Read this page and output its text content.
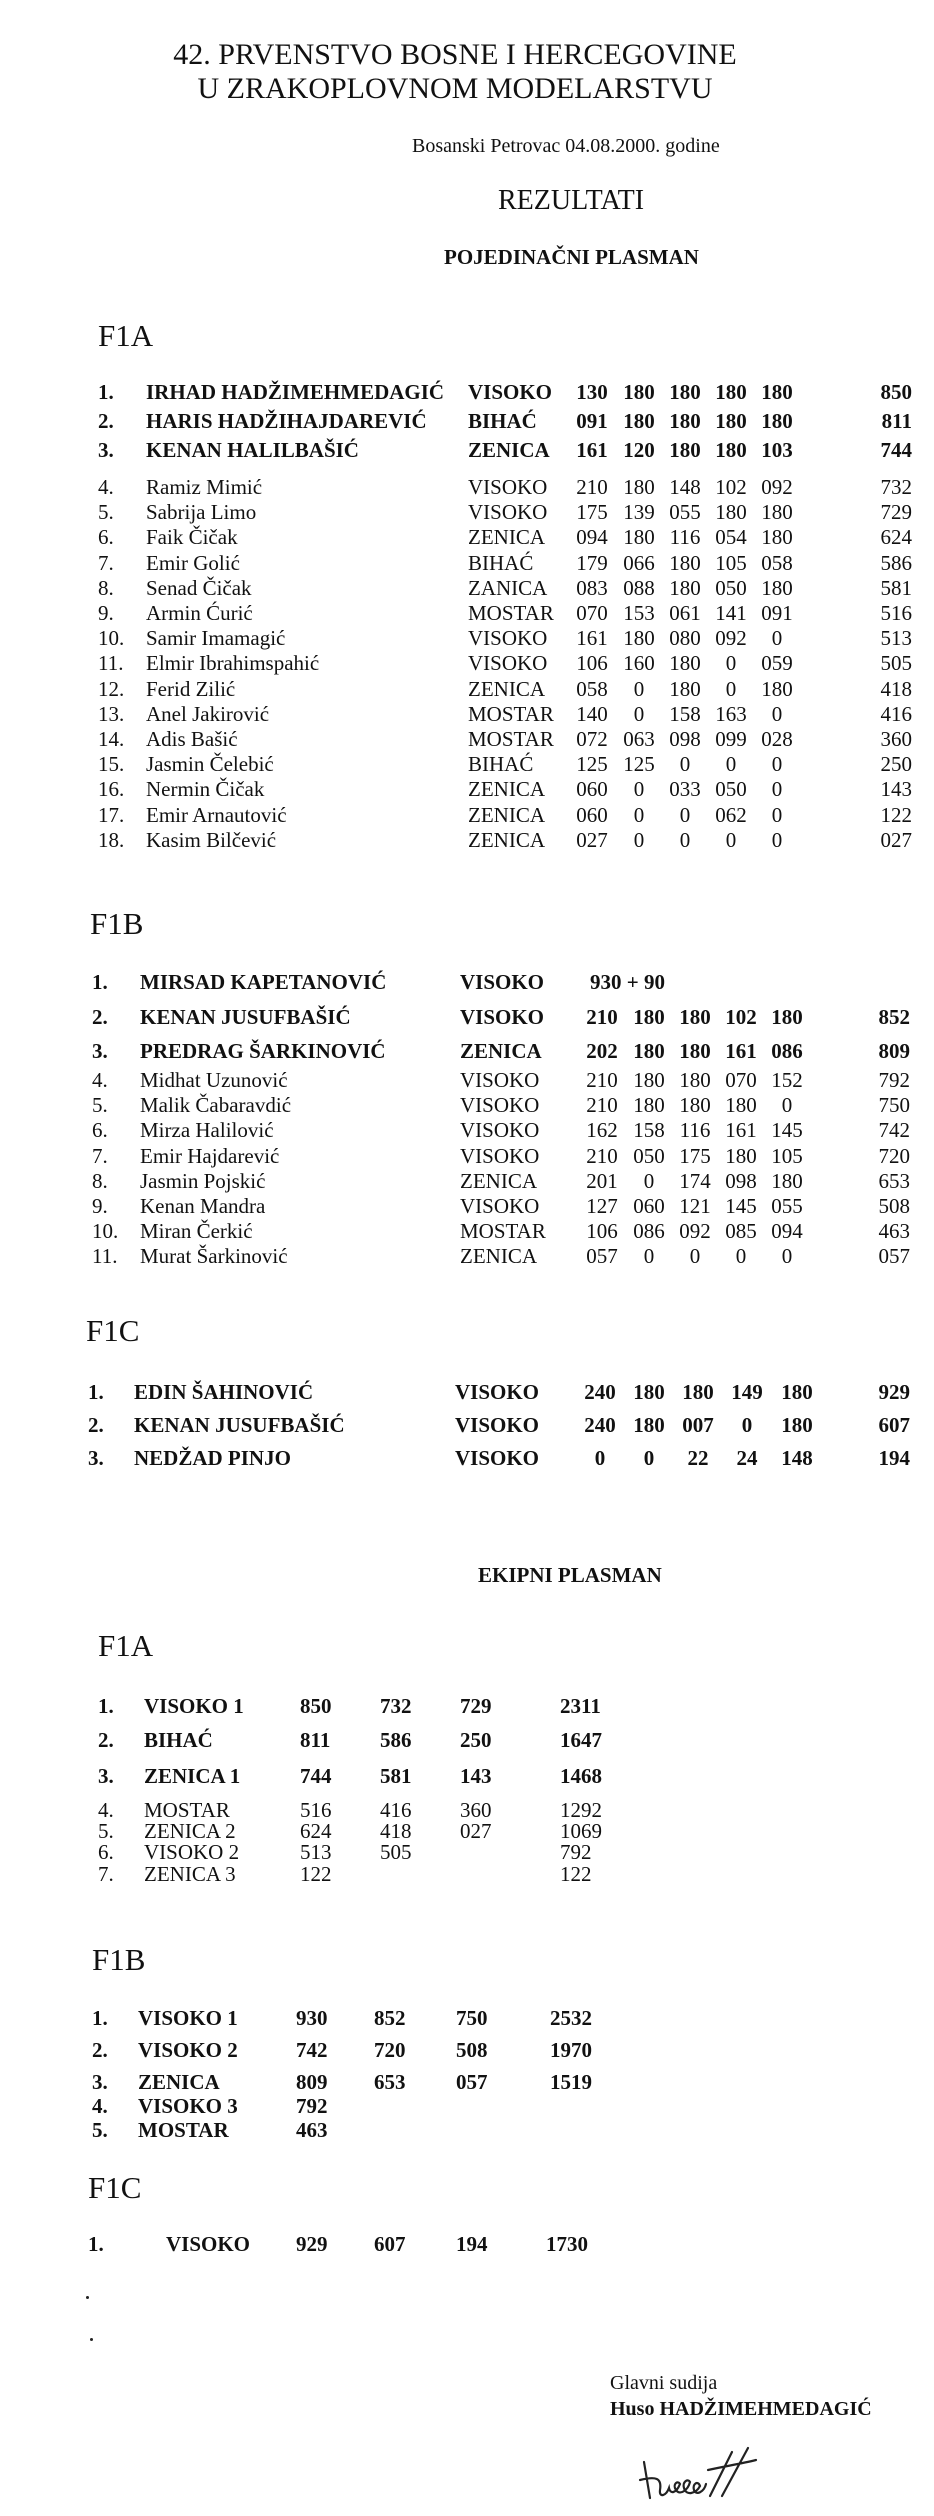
42. PRVENSTVO BOSNE I HERCEGOVINE
U ZRAKOPLOVNOM MODELARSTVU
Bosanski Petrovac 04.08.2000. godine
REZULTATI
POJEDINAČNI PLASMAN
F1A
1. IRHAD HADŽIMEHMEDAGIĆ VISOKO 130 180 180 180 180	850
2. HARIS HADŽIHAJDAREVIĆ BIHAĆ 091 180 180 180 180	811
3. KENAN HALILBAŠIĆ	ZENICA 161 120 180 180 103	744
4. Ramiz Mimić	VISOKO 210 180 148 102 092	732
5. Sabrija Limo	VISOKO 175 139 055 180 180	729
6. Faik Čičak	ZENICA 094 180 116 054 180	624
7. Emir Golić	BIHAĆ 179 066 180 105 058	586
8. Senad Čičak	ZANICA 083 088 180 050 180	581
9. Armin Ćurić	MOSTAR 070 153 061 141 091	516
10. Samir Imamagić	VISOKO 161 180 080 092	0	513
11. Elmir Ibrahimspahić	VISOKO 106 160 180	0	059	505
12. Ferid Zilić	ZENICA 058	0	180	0	180	418
13. Anel Jakirović	MOSTAR 140	0	158 163	0	416
14. Adis Bašić	MOSTAR 072 063 098 099 028	360
15. Jasmin Čelebić	BIHAĆ 125 125	0	0	0	250
16. Nermin Čičak	ZENICA 060	0	033 050	0	143
17. Emir Arnautović	ZENICA 060	0	0	062	0	122
18. Kasim Bilčević	ZENICA 027	0	0	0	0	027
F1B
1. MIRSAD KAPETANOVIĆ	VISOKO 930 + 90
2. KENAN JUSUFBAŠIĆ	VISOKO 210 180 180 102 180	852
3. PREDRAG ŠARKINOVIĆ	ZENICA 202 180 180 161 086	809
4. Midhat Uzunović	VISOKO 210 180 180 070 152	792
5. Malik Čabaravdić	VISOKO 210 180 180 180	0	750
6. Mirza Halilović	VISOKO 162 158 116 161 145	742
7. Emir Hajdarević	VISOKO 210 050 175 180 105	720
8. Jasmin Pojskić	ZENICA 201	0	174 098 180	653
9. Kenan Mandra	VISOKO 127 060 121 145 055	508
10. Miran Čerkić	MOSTAR 106 086 092 085 094	463
11. Murat Šarkinović	ZENICA 057	0	0	0	0	057
F1C
1. EDIN ŠAHINOVIĆ	VISOKO 240 180 180 149 180	929
2. KENAN JUSUFBAŠIĆ	VISOKO 240 180 007	0	180	607
3. NEDŽAD PINJO	VISOKO	0	0	22	24	148	194
EKIPNI PLASMAN
F1A
1. VISOKO 1	850 732 729	2311
2. BIHAĆ	811 586 250	1647
3. ZENICA 1	744 581 143	1468
4. MOSTAR	516 416 360	1292
5. ZENICA 2	624 418 027	1069
6. VISOKO 2	513 505	792
7. ZENICA 3	122	122
F1B
1. VISOKO 1	930 852 750	2532
2. VISOKO 2	742 720 508	1970
3. ZENICA	809 653 057	1519
4. VISOKO 3	792
5. MOSTAR	463
F1C
1.	VISOKO 929 607 194	1730
Glavni sudija
Huso HADŽIMEHMEDAGIĆ
